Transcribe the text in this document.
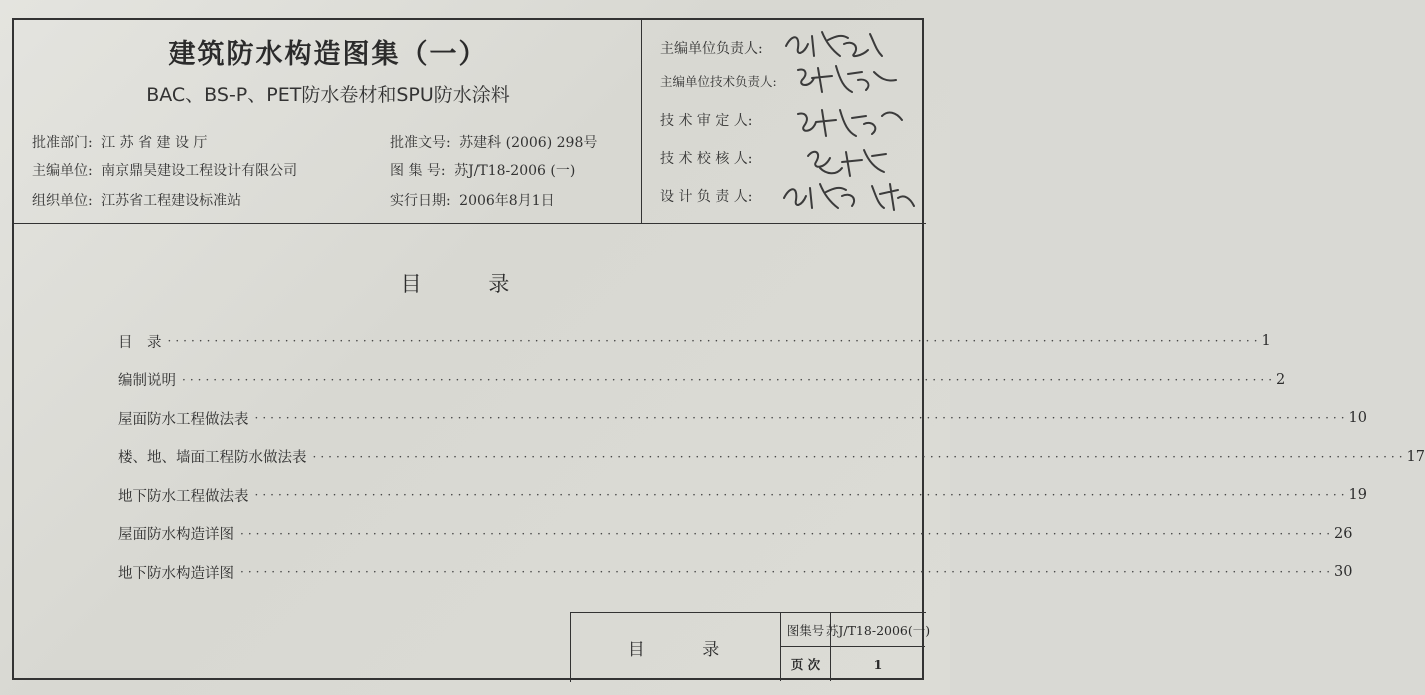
建筑防水构造图集（一）
BAC、BS-P、PET防水卷材和SPU防水涂料
批准部门: 江 苏 省 建 设 厅
主编单位: 南京鼎昊建设工程设计有限公司
组织单位: 江苏省工程建设标准站
批准文号: 苏建科 (2006) 298号
图 集 号: 苏J/T18-2006 (一)
实行日期: 2006年8月1日
主编单位负责人:
主编单位技术负责人:
技 术 审 定 人:
技 术 校 核 人:
设 计 负 责 人:
目 录
目　录 ············································································································································ 1
编制说明 ············································································································································ 2
屋面防水工程做法表 ············································································································································ 10
楼、地、墙面工程防水做法表 ············································································································································ 17
地下防水工程做法表 ············································································································································ 19
屋面防水构造详图 ············································································································································ 26
地下防水构造详图 ············································································································································ 30
目 录
图集号 苏J/T18-2006(一)
页 次	1
